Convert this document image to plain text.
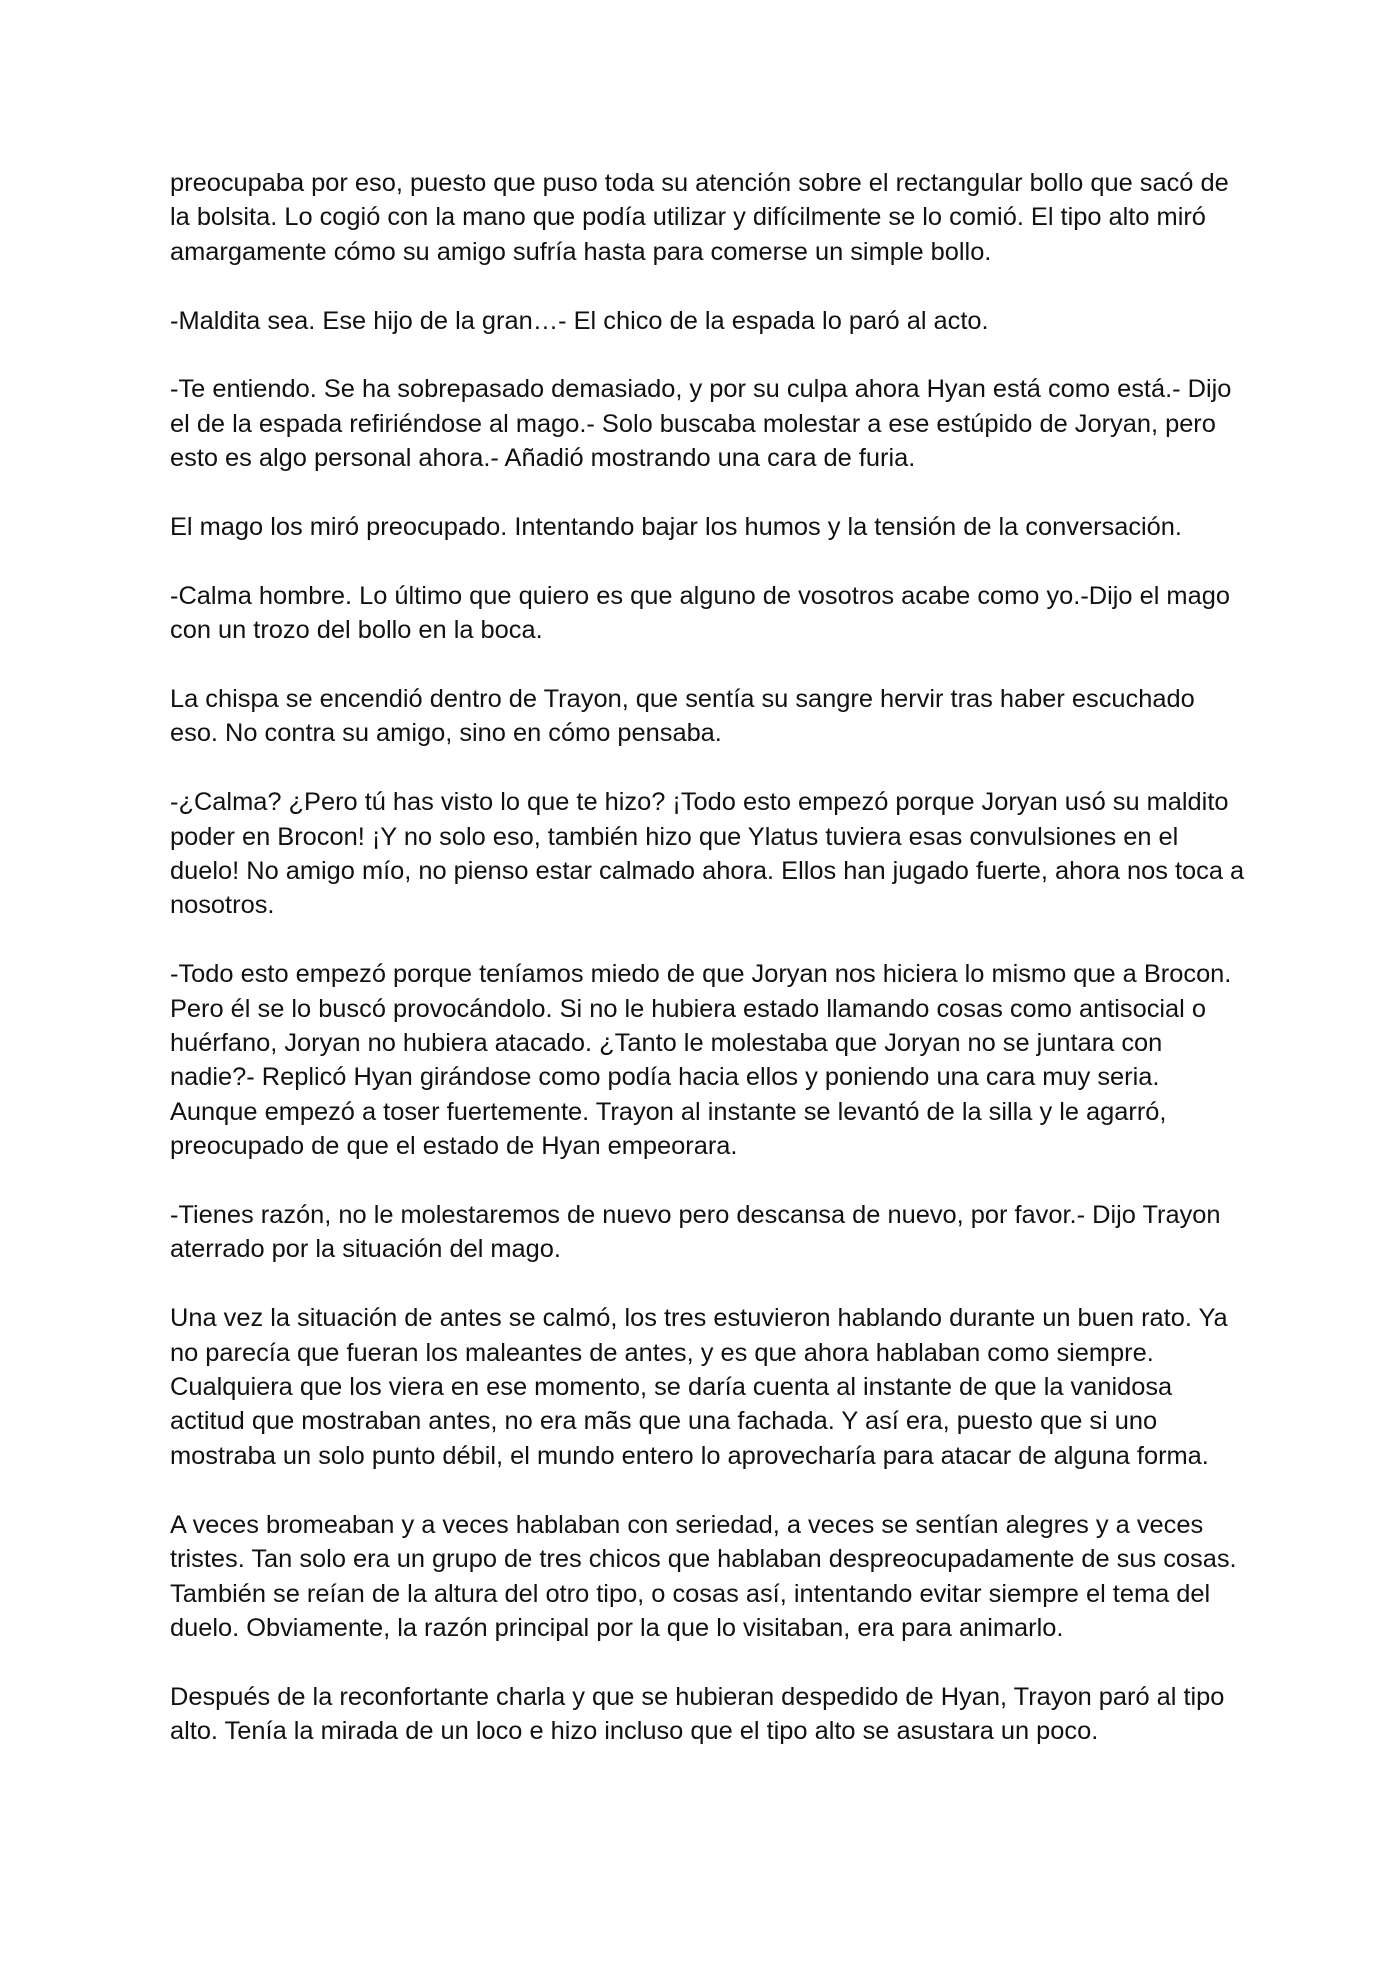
preocupaba por eso, puesto que puso toda su atención sobre el rectangular bollo que sacó de la bolsita. Lo cogió con la mano que podía utilizar y difícilmente se lo comió. El tipo alto miró amargamente cómo su amigo sufría hasta para comerse un simple bollo.

-Maldita sea. Ese hijo de la gran…- El chico de la espada lo paró al acto.

-Te entiendo. Se ha sobrepasado demasiado, y por su culpa ahora Hyan está como está.- Dijo el de la espada refiriéndose al mago.- Solo buscaba molestar a ese estúpido de Joryan, pero esto es algo personal ahora.- Añadió mostrando una cara de furia.

El mago los miró preocupado. Intentando bajar los humos y la tensión de la conversación.

-Calma hombre. Lo último que quiero es que alguno de vosotros acabe como yo.-Dijo el mago con un trozo del bollo en la boca.

La chispa se encendió dentro de Trayon, que sentía su sangre hervir tras haber escuchado eso. No contra su amigo, sino en cómo pensaba.

-¿Calma? ¿Pero tú has visto lo que te hizo? ¡Todo esto empezó porque Joryan usó su maldito poder en Brocon! ¡Y no solo eso, también hizo que Ylatus tuviera esas convulsiones en el duelo! No amigo mío, no pienso estar calmado ahora. Ellos han jugado fuerte, ahora nos toca a nosotros.

-Todo esto empezó porque teníamos miedo de que Joryan nos hiciera lo mismo que a Brocon. Pero él se lo buscó provocándolo. Si no le hubiera estado llamando cosas como antisocial o huérfano, Joryan no hubiera atacado. ¿Tanto le molestaba que Joryan no se juntara con nadie?- Replicó Hyan girándose como podía hacia ellos y poniendo una cara muy seria. Aunque empezó a toser fuertemente. Trayon al instante se levantó de la silla y le agarró, preocupado de que el estado de Hyan empeorara.

-Tienes razón, no le molestaremos de nuevo pero descansa de nuevo, por favor.- Dijo Trayon aterrado por la situación del mago.

Una vez la situación de antes se calmó, los tres estuvieron hablando durante un buen rato. Ya no parecía que fueran los maleantes de antes, y es que ahora hablaban como siempre. Cualquiera que los viera en ese momento, se daría cuenta al instante de que la vanidosa actitud que mostraban antes, no era mãs que una fachada. Y así era, puesto que si uno mostraba un solo punto débil, el mundo entero lo aprovecharía para atacar de alguna forma.

A veces bromeaban y a veces hablaban con seriedad, a veces se sentían alegres y a veces tristes. Tan solo era un grupo de tres chicos que hablaban despreocupadamente de sus cosas. También se reían de la altura del otro tipo, o cosas así, intentando evitar siempre el tema del duelo. Obviamente, la razón principal por la que lo visitaban, era para animarlo.

Después de la reconfortante charla y que se hubieran despedido de Hyan, Trayon paró al tipo alto. Tenía la mirada de un loco e hizo incluso que el tipo alto se asustara un poco.
